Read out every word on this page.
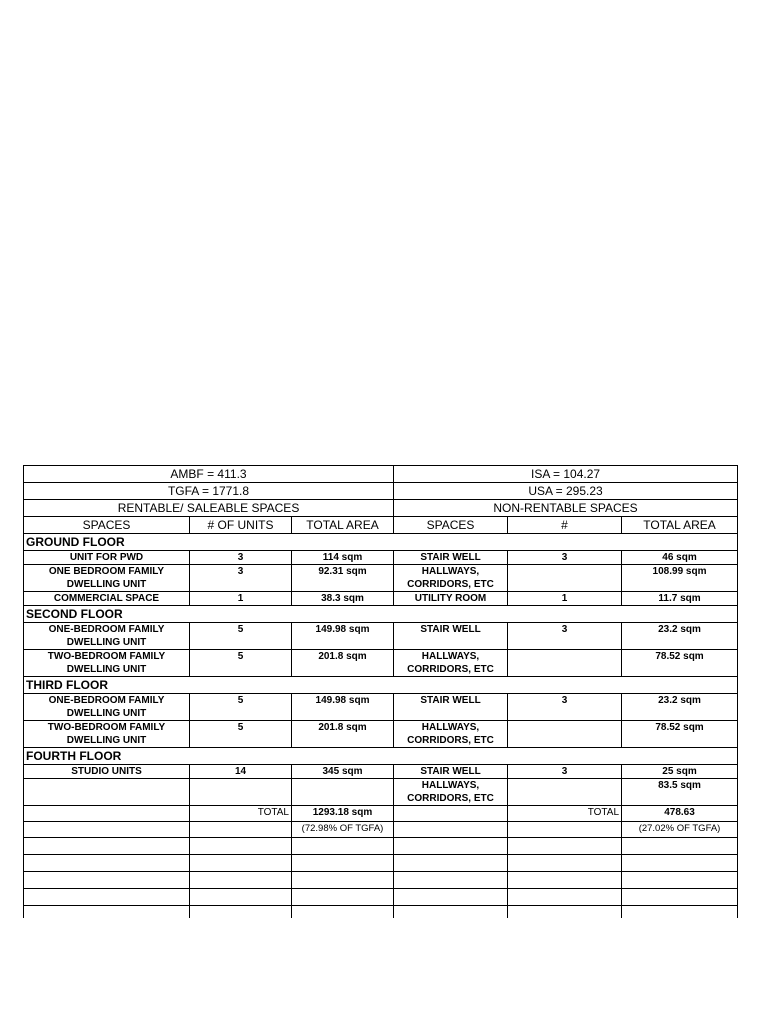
AMBF = 411.3			ISA = 104.27		
TGFA = 1771.8			USA = 295.23		
RENTABLE/ SALEABLE SPACES			NON-RENTABLE SPACES		
SPACES	# OF UNITS	TOTAL AREA	SPACES	#	TOTAL AREA
GROUND FLOOR					
UNIT FOR PWD	3	114 sqm	STAIR WELL	3	46 sqm
ONE BEDROOM FAMILY DWELLING UNIT	3	92.31 sqm	HALLWAYS, CORRIDORS, ETC		108.99 sqm
COMMERCIAL SPACE	1	38.3 sqm	UTILITY ROOM	1	11.7 sqm
SECOND FLOOR					
ONE-BEDROOM FAMILY DWELLING UNIT	5	149.98 sqm	STAIR WELL	3	23.2 sqm
TWO-BEDROOM FAMILY DWELLING UNIT	5	201.8 sqm	HALLWAYS, CORRIDORS, ETC		78.52 sqm
THIRD FLOOR					
ONE-BEDROOM FAMILY DWELLING UNIT	5	149.98 sqm	STAIR WELL	3	23.2 sqm
TWO-BEDROOM FAMILY DWELLING UNIT	5	201.8 sqm	HALLWAYS, CORRIDORS, ETC		78.52 sqm
FOURTH FLOOR					
STUDIO UNITS	14	345 sqm	STAIR WELL	3	25 sqm
			HALLWAYS, CORRIDORS, ETC		83.5 sqm
	TOTAL	1293.18 sqm		TOTAL	478.63
		(72.98% OF TGFA)			(27.02% OF TGFA)
